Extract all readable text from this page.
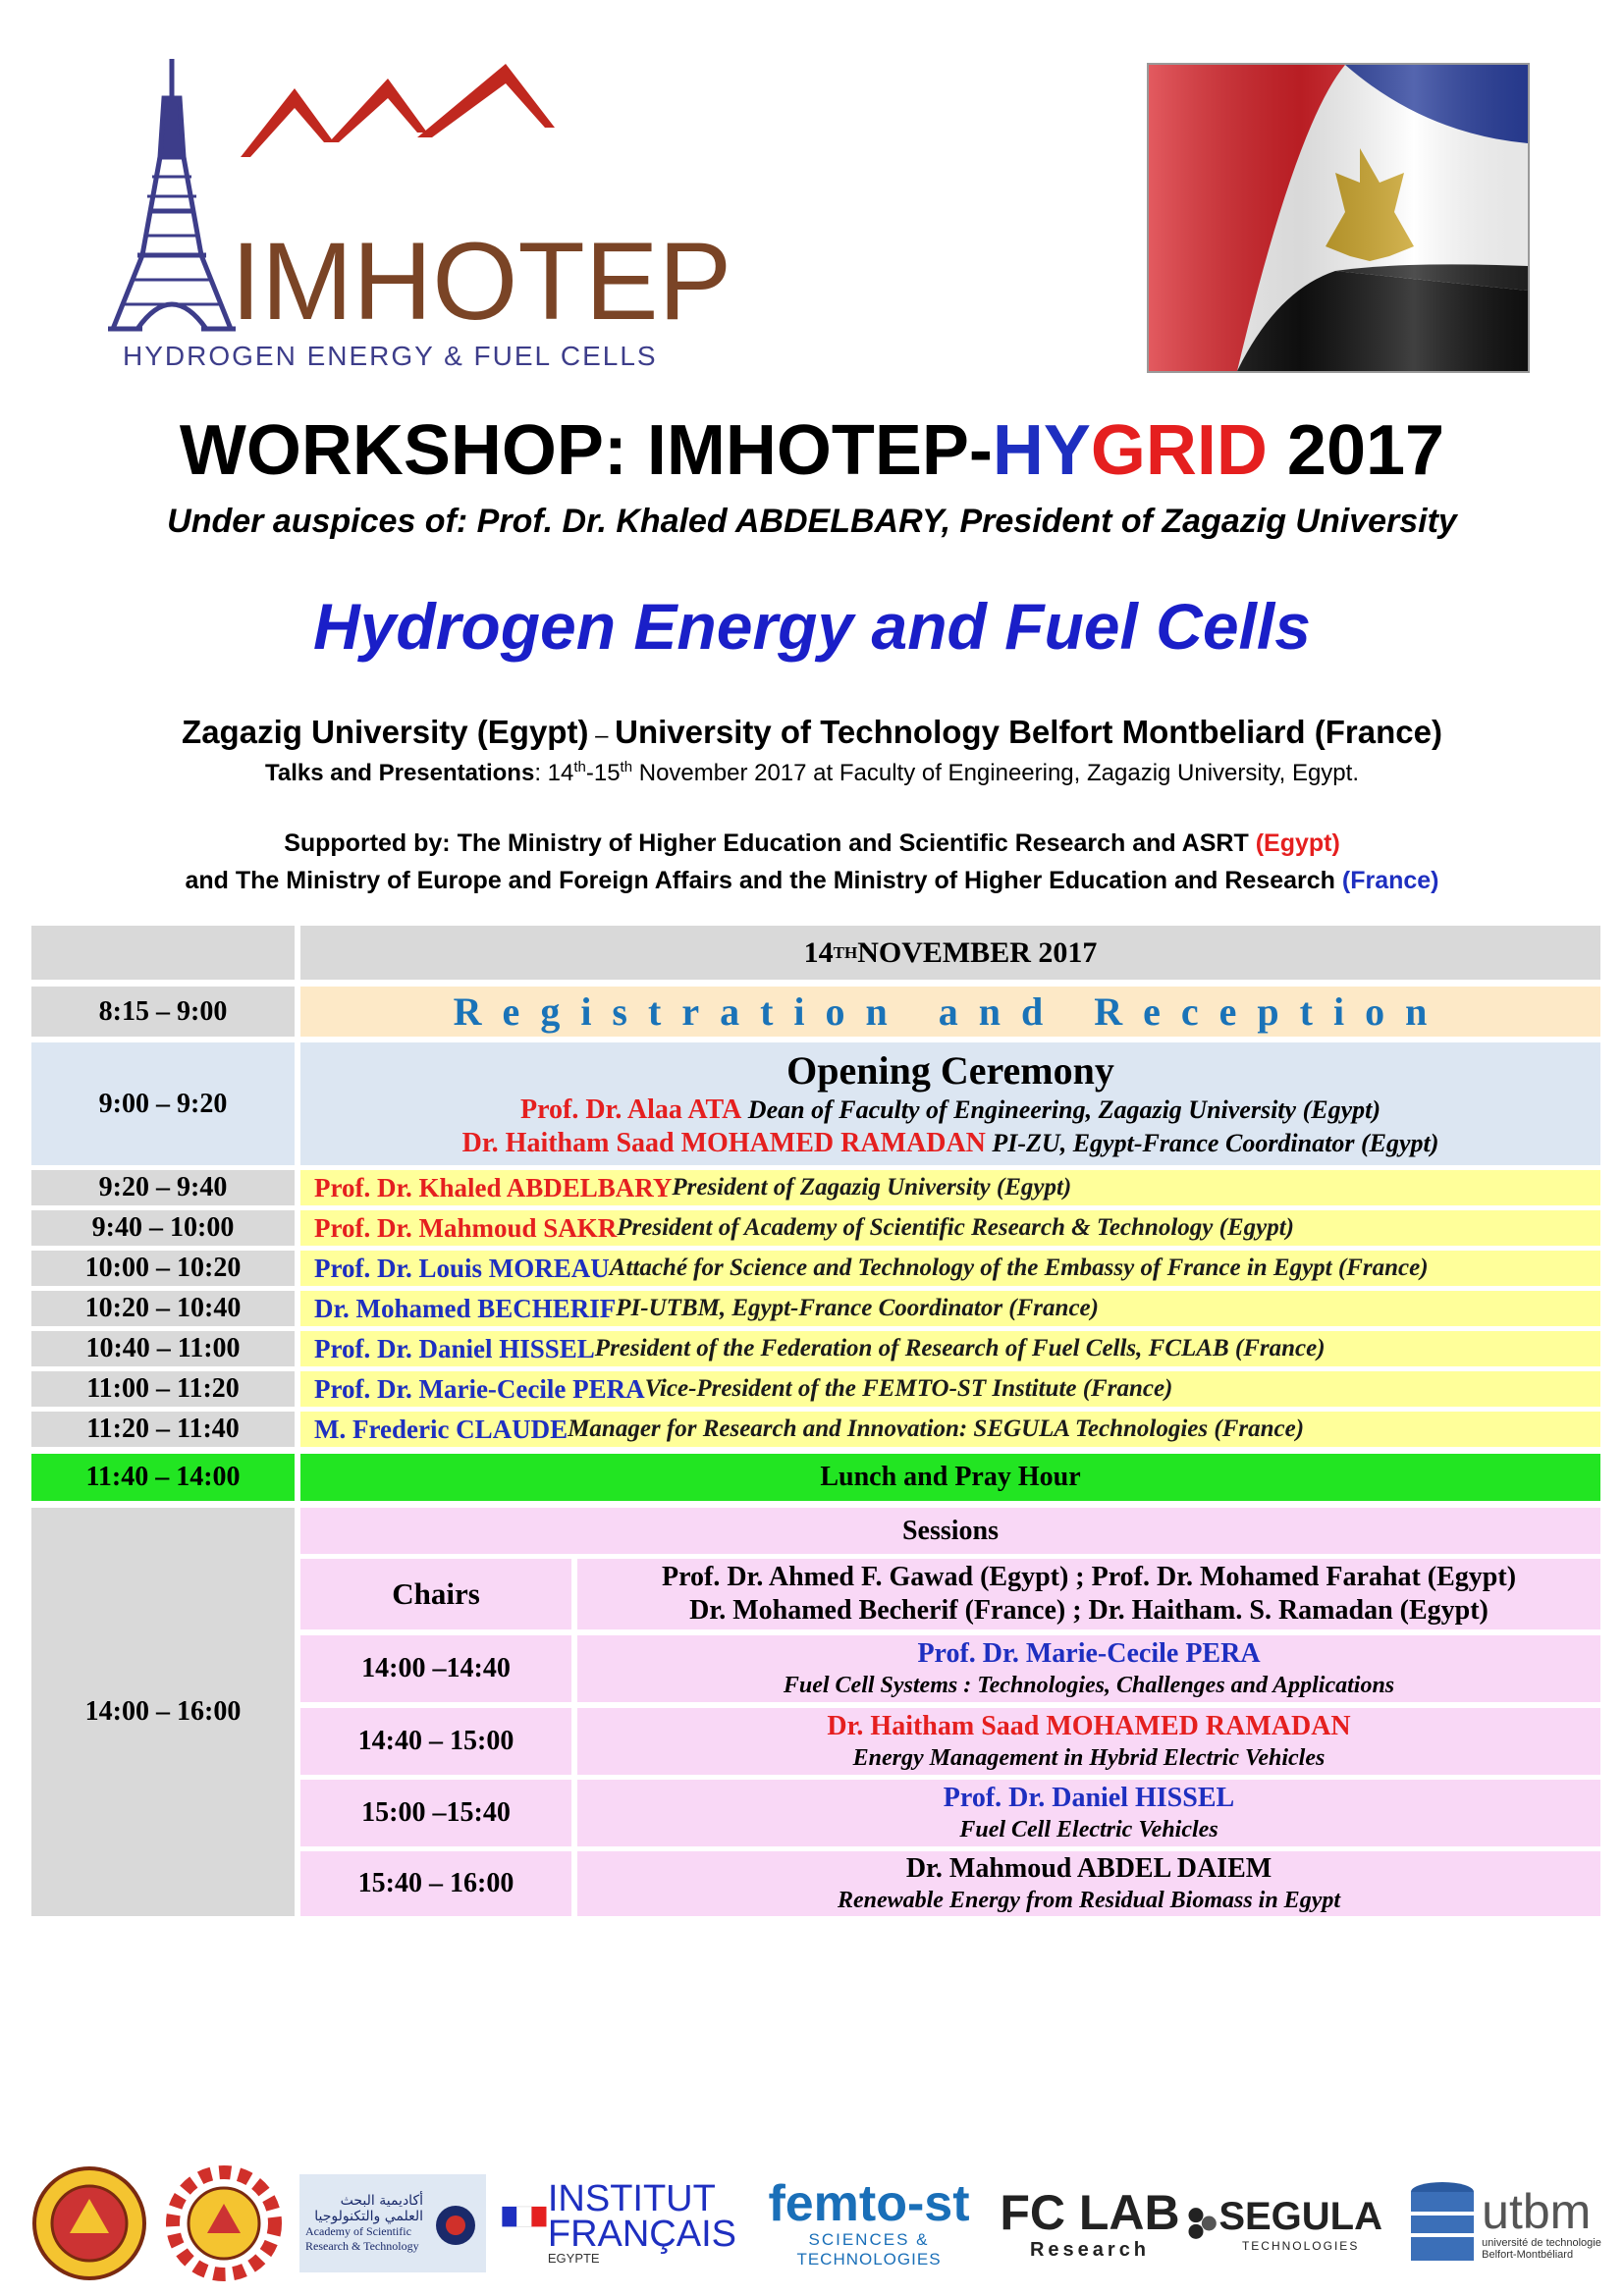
IMHOTEP
HYDROGEN ENERGY & FUEL CELLS
WORKSHOP: IMHOTEP-HYGRID 2017
Under auspices of: Prof. Dr. Khaled ABDELBARY, President of Zagazig University
Hydrogen Energy and Fuel Cells
Zagazig University (Egypt) – University of Technology Belfort Montbeliard (France)
Talks and Presentations: 14th-15th November 2017 at Faculty of Engineering, Zagazig University, Egypt.
Supported by: The Ministry of Higher Education and Scientific Research and ASRT (Egypt)
and The Ministry of Europe and Foreign Affairs and the Ministry of Higher Education and Research (France)
14 TH NOVEMBER 2017
8:15 – 9:00	Registration and Reception
9:00 – 9:20
Opening Ceremony
Prof. Dr. Alaa ATA Dean of Faculty of Engineering, Zagazig University (Egypt)
Dr. Haitham Saad MOHAMED RAMADAN PI-ZU, Egypt-France Coordinator (Egypt)
9:20 – 9:40	Prof. Dr. Khaled ABDELBARY President of Zagazig University (Egypt)
9:40 – 10:00	Prof. Dr. Mahmoud SAKR President of Academy of Scientific Research & Technology (Egypt)
10:00 – 10:20	Prof. Dr. Louis MOREAU Attaché for Science and Technology of the Embassy of France in Egypt (France)
10:20 – 10:40	Dr. Mohamed BECHERIF PI-UTBM, Egypt-France Coordinator (France)
10:40 – 11:00	Prof. Dr. Daniel HISSEL President of the Federation of Research of Fuel Cells, FCLAB (France)
11:00 – 11:20	Prof. Dr. Marie-Cecile PERA Vice-President of the FEMTO-ST Institute (France)
11:20 – 11:40	M. Frederic CLAUDE Manager for Research and Innovation: SEGULA Technologies (France)
11:40 – 14:00	Lunch and Pray Hour
14:00 – 16:00
Sessions
Chairs	Prof. Dr. Ahmed F. Gawad (Egypt) ; Prof. Dr. Mohamed Farahat (Egypt)
Dr. Mohamed Becherif (France) ; Dr. Haitham. S. Ramadan (Egypt)
14:00 –14:40	Prof. Dr. Marie-Cecile PERA
Fuel Cell Systems : Technologies, Challenges and Applications
14:40 – 15:00	Dr. Haitham Saad MOHAMED RAMADAN
Energy Management in Hybrid Electric Vehicles
15:00 –15:40	Prof. Dr. Daniel HISSEL
Fuel Cell Electric Vehicles
15:40 – 16:00	Dr. Mahmoud ABDEL DAIEM
Renewable Energy from Residual Biomass in Egypt
أكاديمية البحث العلمي والتكنولوجيا
Academy of Scientific Research & Technology
INSTITUT
FRANÇAIS
EGYPTE
femto-st
SCIENCES &
TECHNOLOGIES
FC LAB
Research
SEGULA
TECHNOLOGIES
utbm
université de technologie
Belfort-Montbéliard
